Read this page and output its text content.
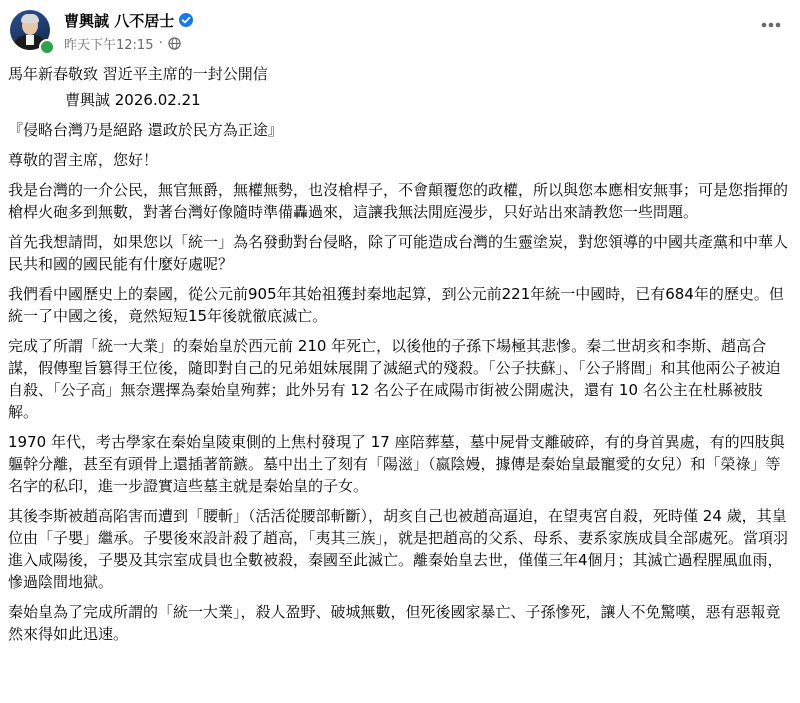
曹興誠 八不居士
昨天下午12:15 ·

馬年新春敬致 習近平主席的一封公開信

曹興誠 2026.02.21

『侵略台灣乃是絕路 還政於民方為正途』

尊敬的習主席，您好！

我是台灣的一介公民，無官無爵，無權無勢，也沒槍桿子，不會顛覆您的政權，所以與您本應相安無事；可是您指揮的槍桿火砲多到無數，對著台灣好像隨時準備轟過來，這讓我無法閒庭漫步，只好站出來請教您一些問題。

首先我想請問，如果您以「統一」為名發動對台侵略，除了可能造成台灣的生靈塗炭，對您領導的中國共產黨和中華人民共和國的國民能有什麼好處呢？

我們看中國歷史上的秦國，從公元前905年其始祖獲封秦地起算，到公元前221年統一中國時，已有684年的歷史。但統一了中國之後，竟然短短15年後就徹底滅亡。

完成了所謂「統一大業」的秦始皇於西元前 210 年死亡，以後他的子孫下場極其悲慘。秦二世胡亥和李斯、趙高合謀，假傳聖旨篡得王位後，隨即對自己的兄弟姐妹展開了滅絕式的殘殺。「公子扶蘇」、「公子將閭」和其他兩公子被迫自殺、「公子高」無奈選擇為秦始皇殉葬；此外另有 12 名公子在咸陽市街被公開處決，還有 10 名公主在杜縣被肢解。

1970 年代，考古學家在秦始皇陵東側的上焦村發現了 17 座陪葬墓，墓中屍骨支離破碎，有的身首異處，有的四肢與軀幹分離，甚至有頭骨上還插著箭鏃。墓中出土了刻有「陽滋」（嬴陰嫚，據傳是秦始皇最寵愛的女兒）和「榮祿」等名字的私印，進一步證實這些墓主就是秦始皇的子女。

其後李斯被趙高陷害而遭到「腰斬」（活活從腰部斬斷），胡亥自己也被趙高逼迫，在望夷宮自殺，死時僅 24 歲，其皇位由「子嬰」繼承。子嬰後來設計殺了趙高，「夷其三族」，就是把趙高的父系、母系、妻系家族成員全部處死。當項羽進入咸陽後，子嬰及其宗室成員也全數被殺，秦國至此滅亡。離秦始皇去世，僅僅三年4個月；其滅亡過程腥風血雨，慘過陰間地獄。

秦始皇為了完成所謂的「統一大業」，殺人盈野、破城無數，但死後國家暴亡、子孫慘死，讓人不免驚嘆，惡有惡報竟然來得如此迅速。
